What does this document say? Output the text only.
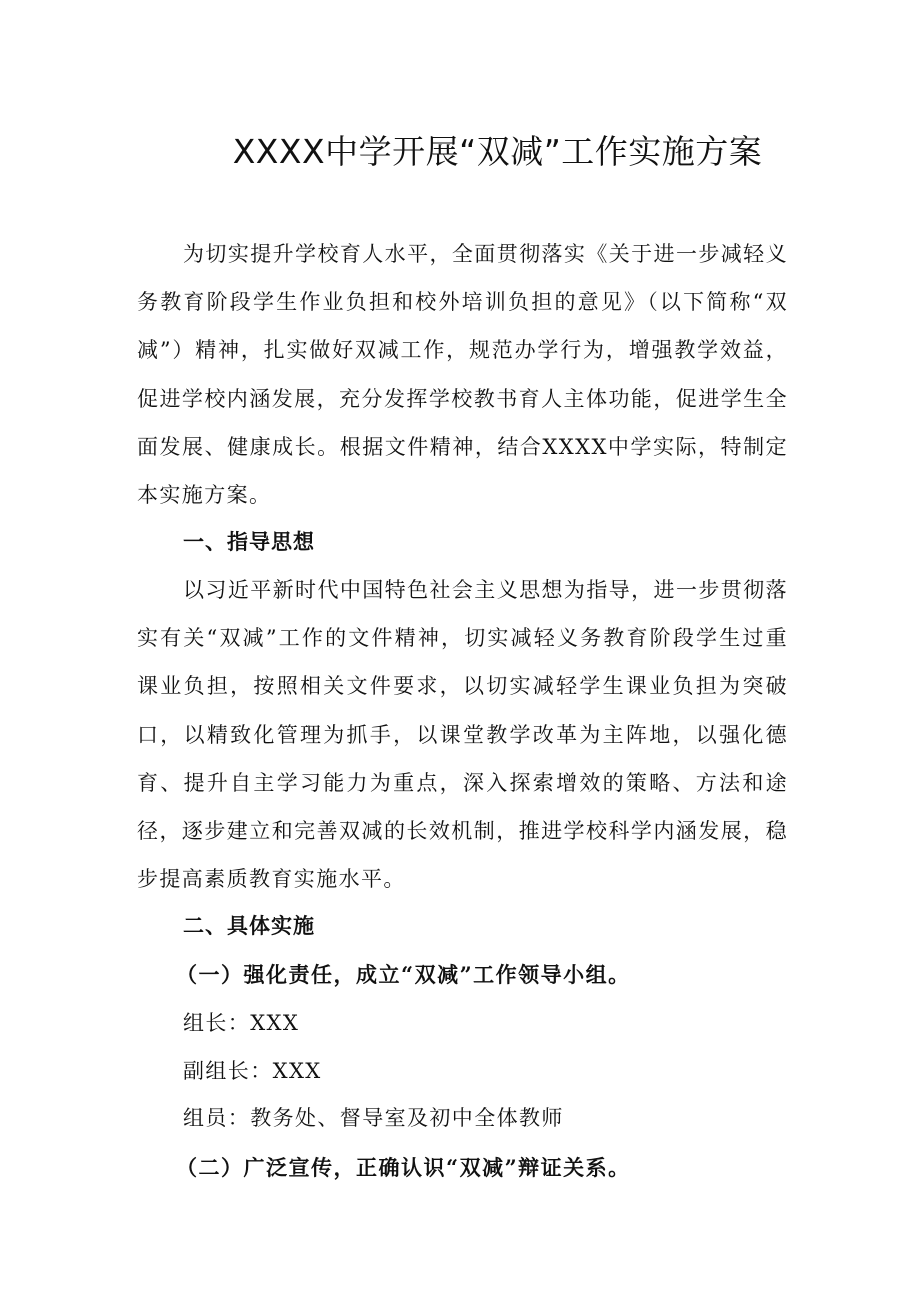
XXXX中学开展“双减”工作实施方案

为切实提升学校育人水平，全面贯彻落实《关于进一步减轻义务教育阶段学生作业负担和校外培训负担的意见》（以下简称“双减”）精神，扎实做好双减工作，规范办学行为，增强教学效益，促进学校内涵发展，充分发挥学校教书育人主体功能，促进学生全面发展、健康成长。根据文件精神，结合XXXX中学实际，特制定本实施方案。

一、指导思想

以习近平新时代中国特色社会主义思想为指导，进一步贯彻落实有关“双减”工作的文件精神，切实减轻义务教育阶段学生过重课业负担，按照相关文件要求，以切实减轻学生课业负担为突破口，以精致化管理为抓手，以课堂教学改革为主阵地，以强化德育、提升自主学习能力为重点，深入探索增效的策略、方法和途径，逐步建立和完善双减的长效机制，推进学校科学内涵发展，稳步提高素质教育实施水平。

二、具体实施
（一）强化责任，成立“双减”工作领导小组。
组长：XXX
副组长：XXX
组员：教务处、督导室及初中全体教师
（二）广泛宣传，正确认识“双减”辩证关系。
